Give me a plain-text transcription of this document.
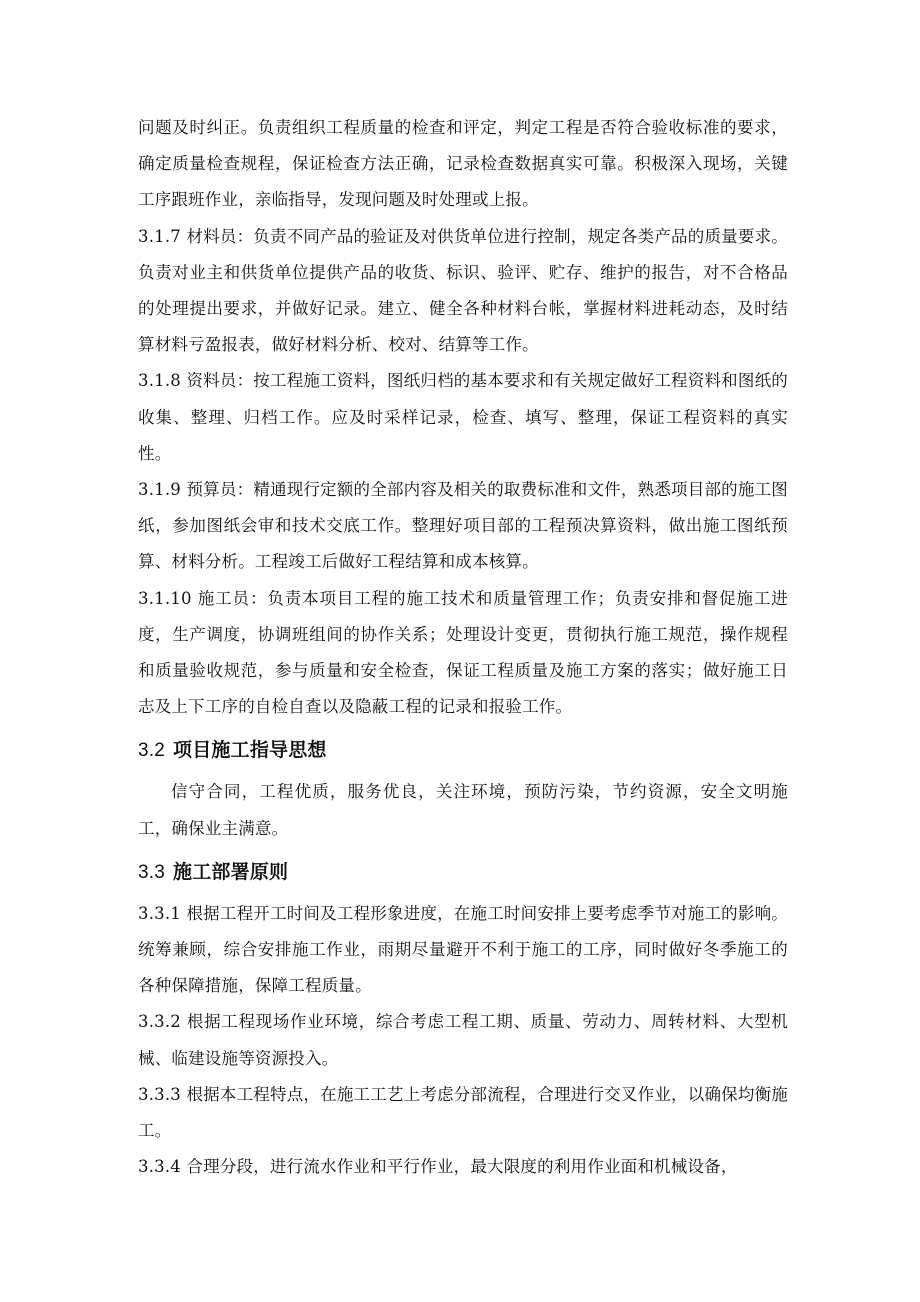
问题及时纠正。负责组织工程质量的检查和评定，判定工程是否符合验收标准的要求，确定质量检查规程，保证检查方法正确，记录检查数据真实可靠。积极深入现场，关键工序跟班作业，亲临指导，发现问题及时处理或上报。

3.1.7 材料员：负责不同产品的验证及对供货单位进行控制，规定各类产品的质量要求。负责对业主和供货单位提供产品的收货、标识、验评、贮存、维护的报告，对不合格品的处理提出要求，并做好记录。建立、健全各种材料台帐，掌握材料进耗动态，及时结算材料亏盈报表，做好材料分析、校对、结算等工作。

3.1.8 资料员：按工程施工资料，图纸归档的基本要求和有关规定做好工程资料和图纸的收集、整理、归档工作。应及时采样记录，检查、填写、整理，保证工程资料的真实性。

3.1.9 预算员：精通现行定额的全部内容及相关的取费标准和文件，熟悉项目部的施工图纸，参加图纸会审和技术交底工作。整理好项目部的工程预决算资料，做出施工图纸预算、材料分析。工程竣工后做好工程结算和成本核算。

3.1.10 施工员：负责本项目工程的施工技术和质量管理工作；负责安排和督促施工进度，生产调度，协调班组间的协作关系；处理设计变更，贯彻执行施工规范，操作规程和质量验收规范，参与质量和安全检查，保证工程质量及施工方案的落实；做好施工日志及上下工序的自检自查以及隐蔽工程的记录和报验工作。

3.2 项目施工指导思想

信守合同，工程优质，服务优良，关注环境，预防污染，节约资源，安全文明施工，确保业主满意。

3.3 施工部署原则

3.3.1 根据工程开工时间及工程形象进度，在施工时间安排上要考虑季节对施工的影响。统筹兼顾，综合安排施工作业，雨期尽量避开不利于施工的工序，同时做好冬季施工的各种保障措施，保障工程质量。

3.3.2 根据工程现场作业环境，综合考虑工程工期、质量、劳动力、周转材料、大型机械、临建设施等资源投入。

3.3.3 根据本工程特点，在施工工艺上考虑分部流程，合理进行交叉作业，以确保均衡施工。

3.3.4 合理分段，进行流水作业和平行作业，最大限度的利用作业面和机械设备，
